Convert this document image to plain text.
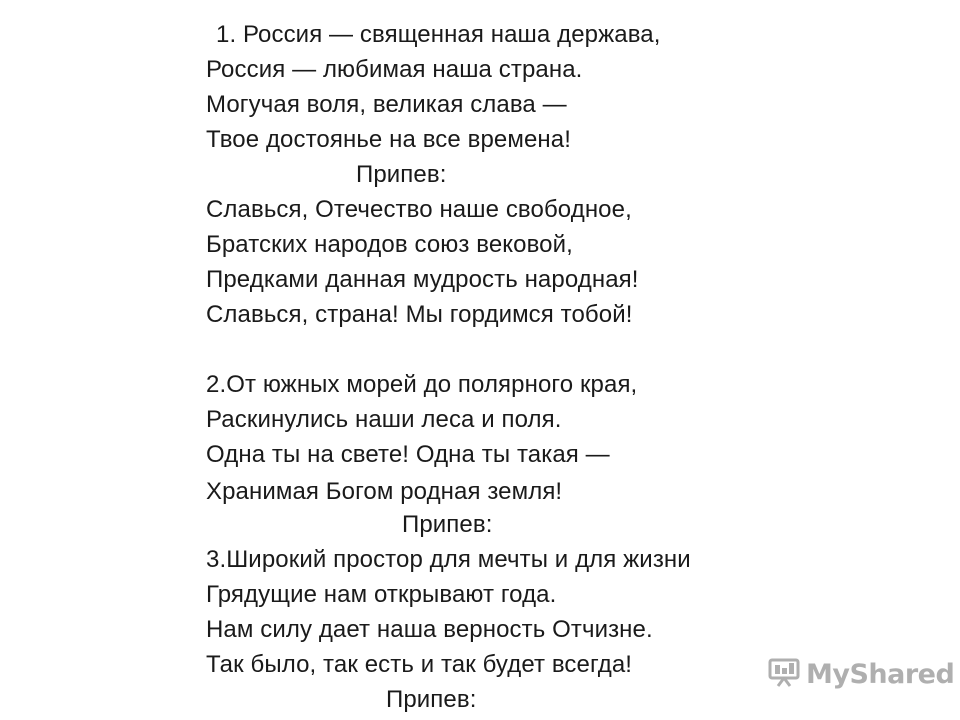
1. Россия — священная наша держава,
Россия — любимая наша страна.
Могучая воля, великая слава —
Твое достоянье на все времена!
Припев:
Славься, Отечество наше свободное,
Братских народов союз вековой,
Предками данная мудрость народная!
Славься, страна! Мы гордимся тобой!
2.От южных морей до полярного края,
Раскинулись наши леса и поля.
Одна ты на свете! Одна ты такая —
Хранимая Богом родная земля!
Припев:
3.Широкий простор для мечты и для жизни
Грядущие нам открывают года.
Нам силу дает наша верность Отчизне.
Так было, так есть и так будет всегда!
Припев:
MyShared
